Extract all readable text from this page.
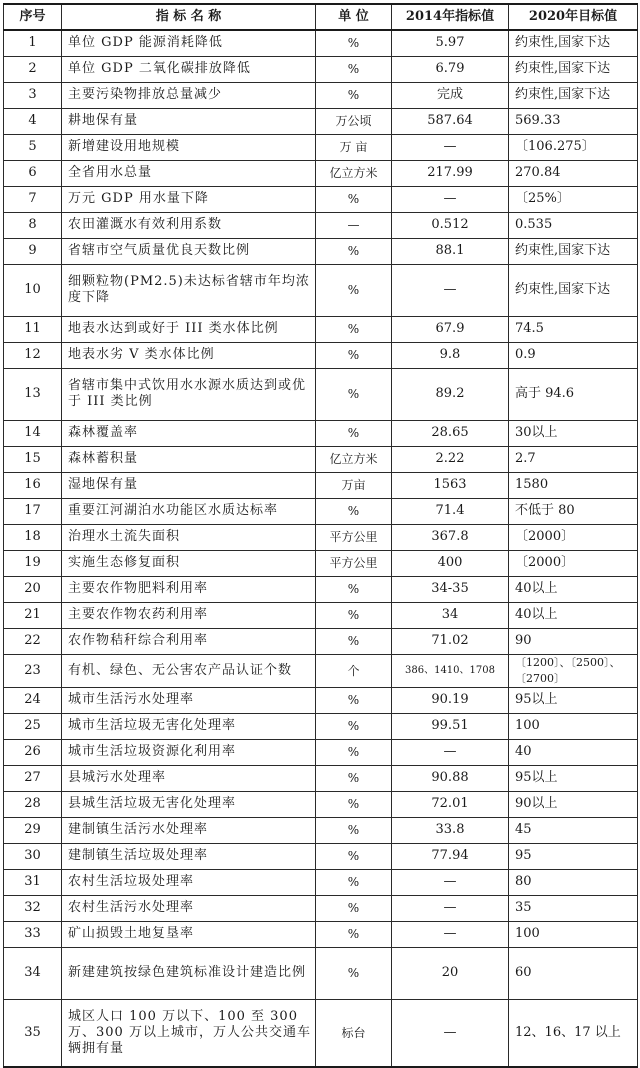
序号	指 标 名 称	单 位	2014年指标值	2020年目标值
1	单位 GDP 能源消耗降低	%	5.97	约束性,国家下达
2	单位 GDP 二氧化碳排放降低	%	6.79	约束性,国家下达
3	主要污染物排放总量减少	%	完成	约束性,国家下达
4	耕地保有量	万公顷	587.64	569.33
5	新增建设用地规模	万 亩	—	〔106.275〕
6	全省用水总量	亿立方米	217.99	270.84
7	万元 GDP 用水量下降	%	—	〔25%〕
8	农田灌溉水有效利用系数	—	0.512	0.535
9	省辖市空气质量优良天数比例	%	88.1	约束性,国家下达
10	细颗粒物(PM2.5)未达标省辖市年均浓度下降	%	—	约束性,国家下达
11	地表水达到或好于 III 类水体比例	%	67.9	74.5
12	地表水劣 V 类水体比例	%	9.8	0.9
13	省辖市集中式饮用水水源水质达到或优于 III 类比例	%	89.2	高于 94.6
14	森林覆盖率	%	28.65	30以上
15	森林蓄积量	亿立方米	2.22	2.7
16	湿地保有量	万亩	1563	1580
17	重要江河湖泊水功能区水质达标率	%	71.4	不低于 80
18	治理水土流失面积	平方公里	367.8	〔2000〕
19	实施生态修复面积	平方公里	400	〔2000〕
20	主要农作物肥料利用率	%	34-35	40以上
21	主要农作物农药利用率	%	34	40以上
22	农作物秸秆综合利用率	%	71.02	90
23	有机、绿色、无公害农产品认证个数	个	386、1410、1708	〔1200〕、〔2500〕、〔2700〕
24	城市生活污水处理率	%	90.19	95以上
25	城市生活垃圾无害化处理率	%	99.51	100
26	城市生活垃圾资源化利用率	%	—	40
27	县城污水处理率	%	90.88	95以上
28	县城生活垃圾无害化处理率	%	72.01	90以上
29	建制镇生活污水处理率	%	33.8	45
30	建制镇生活垃圾处理率	%	77.94	95
31	农村生活垃圾处理率	%	—	80
32	农村生活污水处理率	%	—	35
33	矿山损毁土地复垦率	%	—	100
34	新建建筑按绿色建筑标准设计建造比例	%	20	60
35	城区人口 100 万以下、100 至 300 万、300 万以上城市，万人公共交通车辆拥有量	标台	—	12、16、17 以上
